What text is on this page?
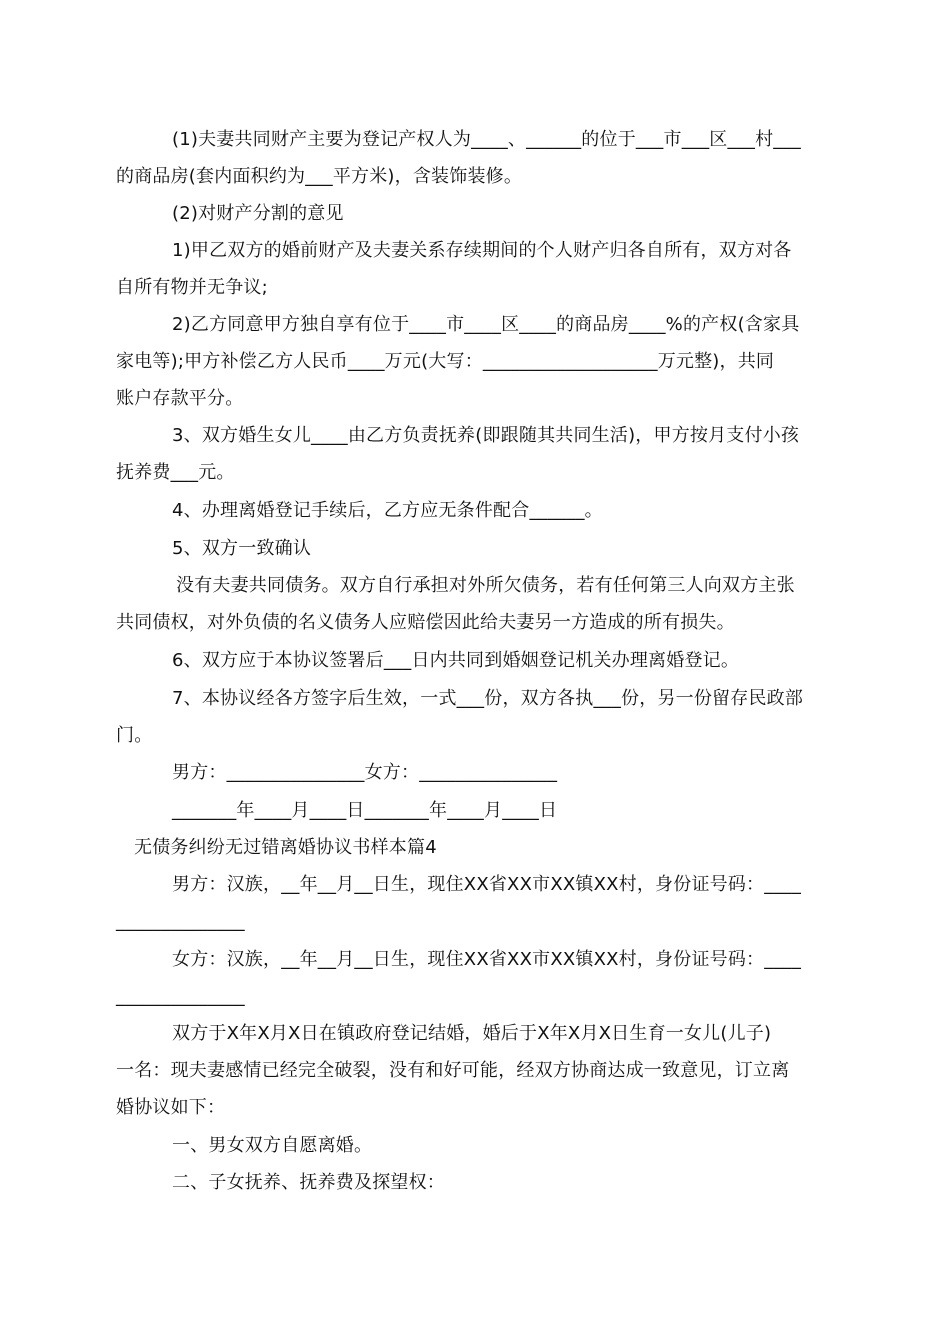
(1)夫妻共同财产主要为登记产权人为____、______的位于___市___区___村___
的商品房(套内面积约为___平方米)，含装饰装修。
(2)对财产分割的意见
1)甲乙双方的婚前财产及夫妻关系存续期间的个人财产归各自所有，双方对各
自所有物并无争议;
2)乙方同意甲方独自享有位于____市____区____的商品房____%的产权(含家具
家电等);甲方补偿乙方人民币____万元(大写：___________________万元整)，共同
账户存款平分。
3、双方婚生女儿____由乙方负责抚养(即跟随其共同生活)，甲方按月支付小孩
抚养费___元。
4、办理离婚登记手续后，乙方应无条件配合______。
5、双方一致确认
没有夫妻共同债务。双方自行承担对外所欠债务，若有任何第三人向双方主张
共同债权，对外负债的名义债务人应赔偿因此给夫妻另一方造成的所有损失。
6、双方应于本协议签署后___日内共同到婚姻登记机关办理离婚登记。
7、本协议经各方签字后生效，一式___份，双方各执___份，另一份留存民政部
门。
男方：_______________女方：_______________
_______年____月____日_______年____月____日
无债务纠纷无过错离婚协议书样本篇4
男方：汉族，__年__月__日生，现住XX省XX市XX镇XX村，身份证号码：____
______________
女方：汉族，__年__月__日生，现住XX省XX市XX镇XX村，身份证号码：____
______________
双方于X年X月X日在镇政府登记结婚，婚后于X年X月X日生育一女儿(儿子)
一名：现夫妻感情已经完全破裂，没有和好可能，经双方协商达成一致意见，订立离
婚协议如下：
一、男女双方自愿离婚。
二、子女抚养、抚养费及探望权：
